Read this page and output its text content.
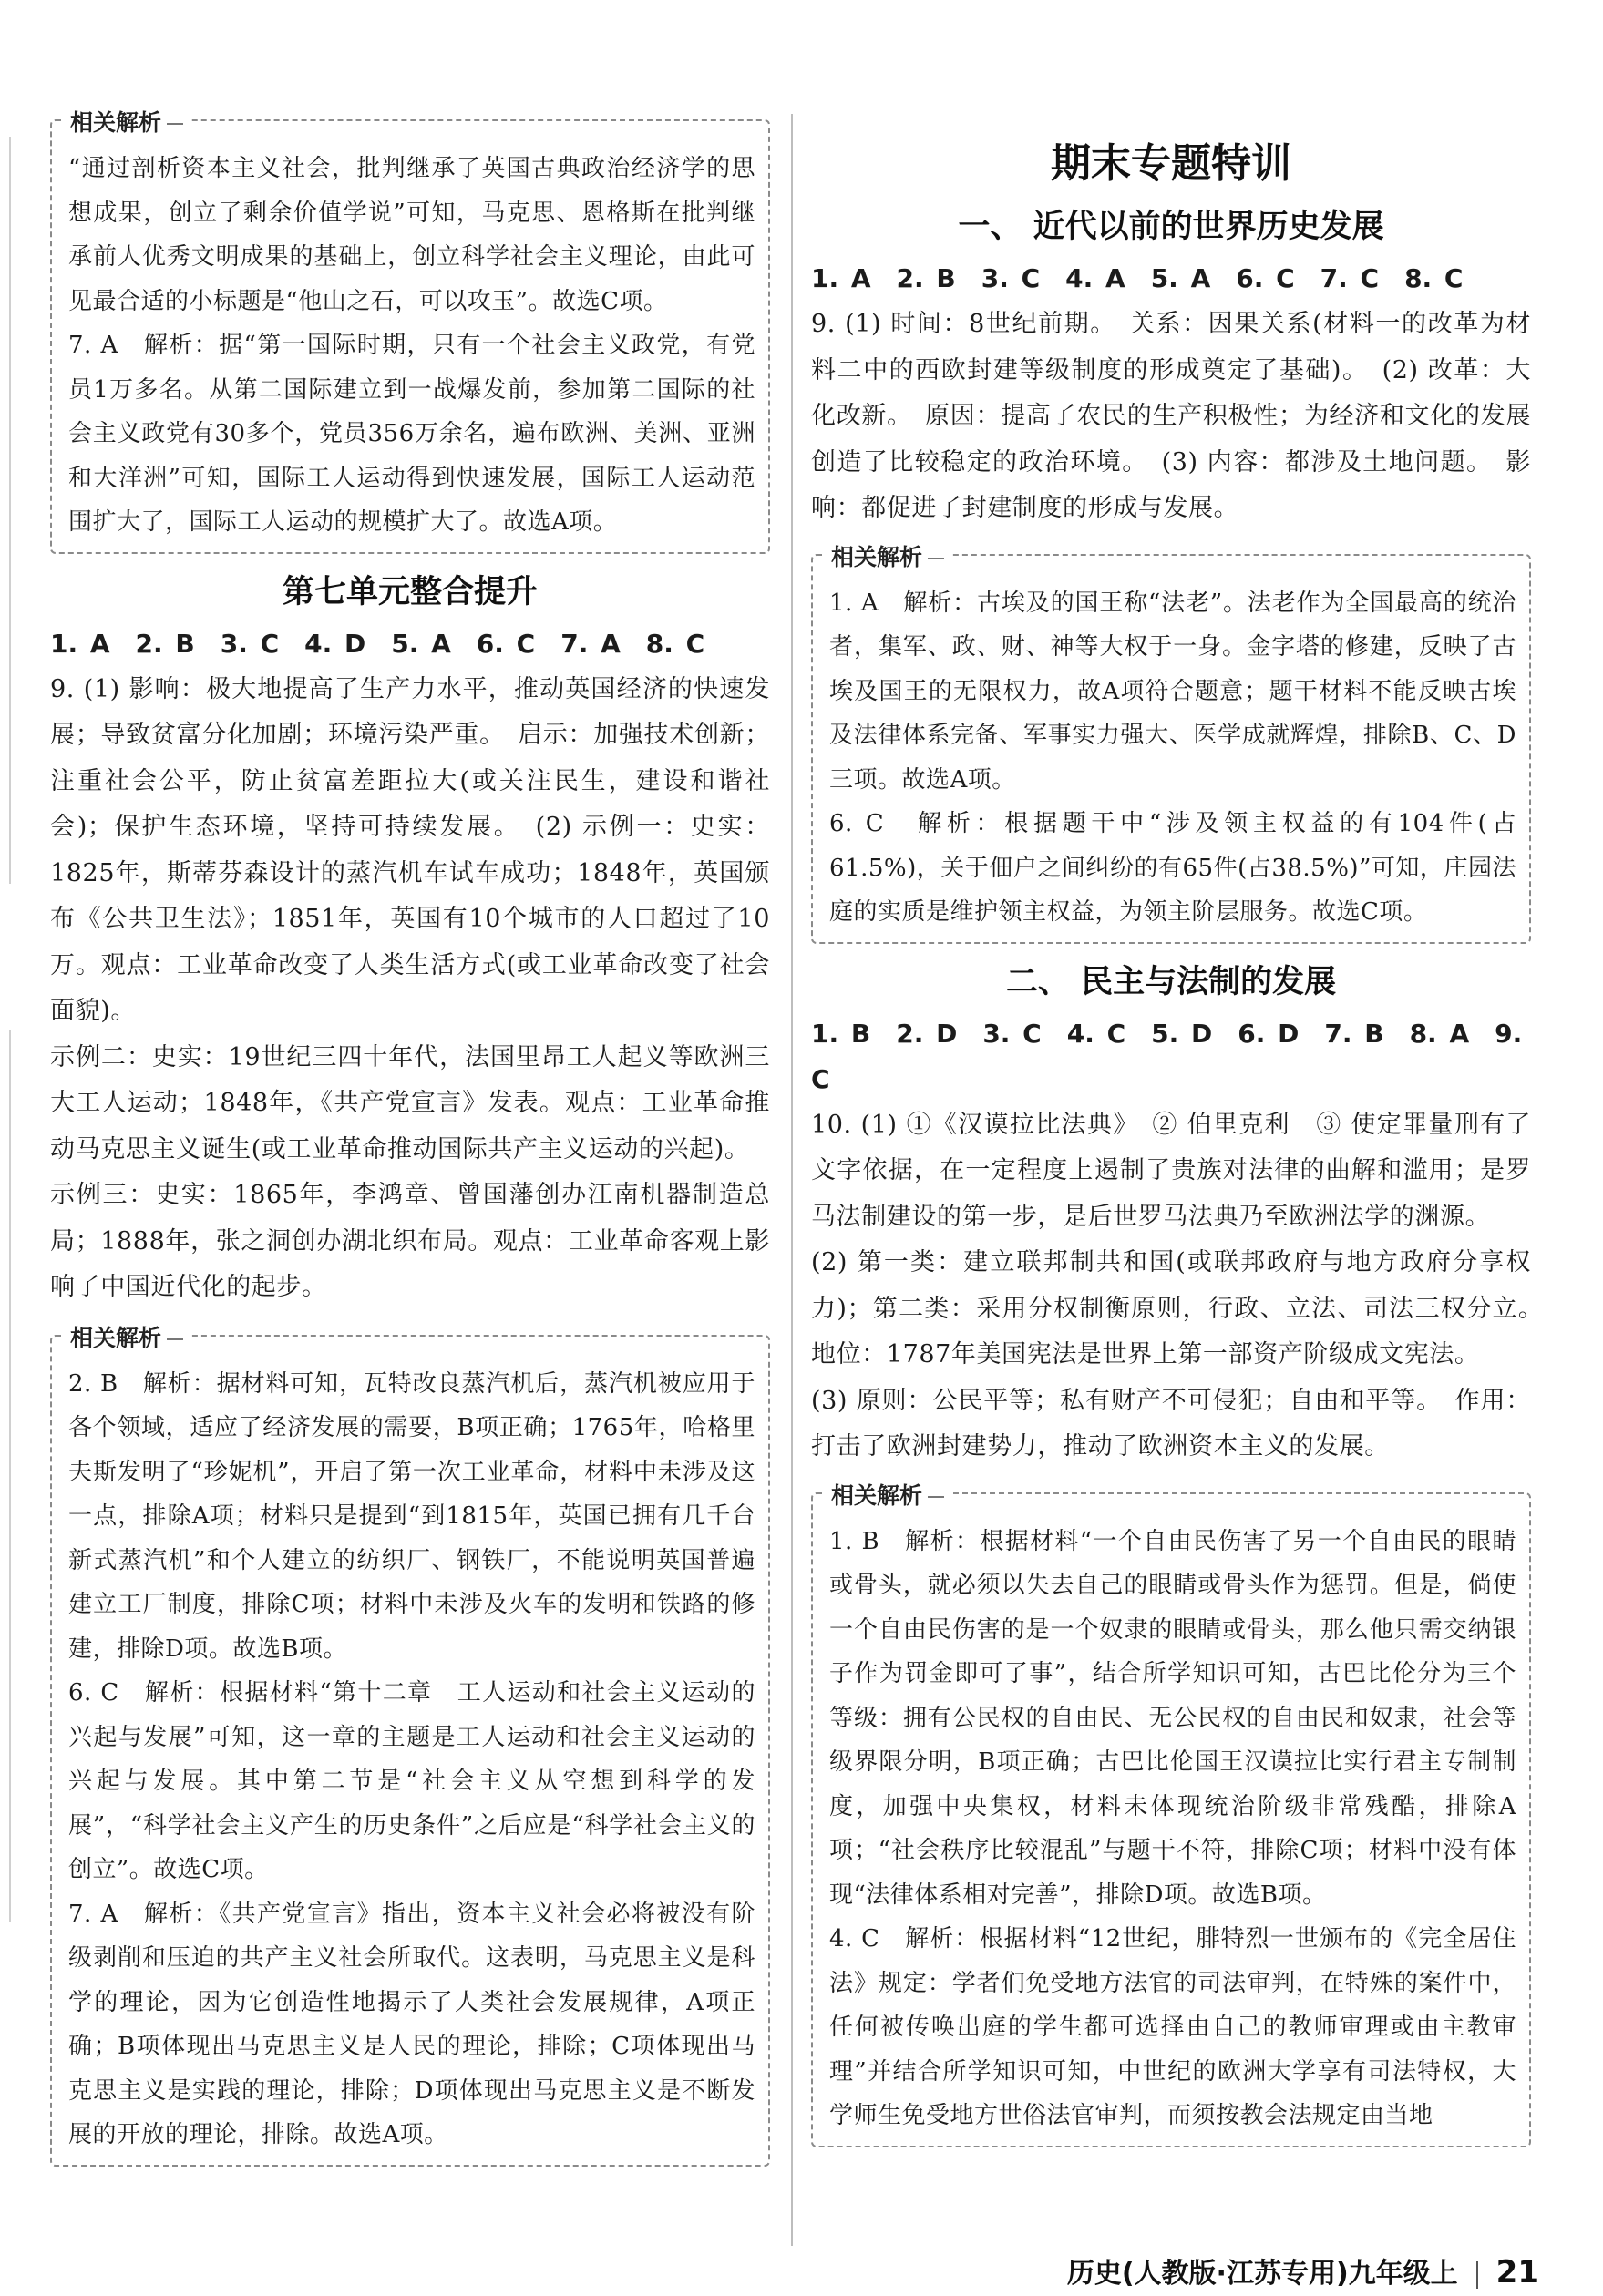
相关解析

“通过剖析资本主义社会，批判继承了英国古典政治经济学的思想成果，创立了剩余价值学说”可知，马克思、恩格斯在批判继承前人优秀文明成果的基础上，创立科学社会主义理论，由此可见最合适的小标题是“他山之石，可以攻玉”。故选C项。

7. A　解析：据“第一国际时期，只有一个社会主义政党，有党员1万多名。从第二国际建立到一战爆发前，参加第二国际的社会主义政党有30多个，党员356万余名，遍布欧洲、美洲、亚洲和大洋洲”可知，国际工人运动得到快速发展，国际工人运动范围扩大了，国际工人运动的规模扩大了。故选A项。

第七单元整合提升

1. A　2. B　3. C　4. D　5. A　6. C　7. A　8. C

9. (1) 影响：极大地提高了生产力水平，推动英国经济的快速发展；导致贫富分化加剧；环境污染严重。　启示：加强技术创新；注重社会公平，防止贫富差距拉大(或关注民生，建设和谐社会)；保护生态环境，坚持可持续发展。　(2) 示例一：史实：1825年，斯蒂芬森设计的蒸汽机车试车成功；1848年，英国颁布《公共卫生法》；1851年，英国有10个城市的人口超过了10万。观点：工业革命改变了人类生活方式(或工业革命改变了社会面貌)。

示例二：史实：19世纪三四十年代，法国里昂工人起义等欧洲三大工人运动；1848年，《共产党宣言》发表。观点：工业革命推动马克思主义诞生(或工业革命推动国际共产主义运动的兴起)。

示例三：史实：1865年，李鸿章、曾国藩创办江南机器制造总局；1888年，张之洞创办湖北织布局。观点：工业革命客观上影响了中国近代化的起步。

相关解析

2. B　解析：据材料可知，瓦特改良蒸汽机后，蒸汽机被应用于各个领域，适应了经济发展的需要，B项正确；1765年，哈格里夫斯发明了“珍妮机”，开启了第一次工业革命，材料中未涉及这一点，排除A项；材料只是提到“到1815年，英国已拥有几千台新式蒸汽机”和个人建立的纺织厂、钢铁厂，不能说明英国普遍建立工厂制度，排除C项；材料中未涉及火车的发明和铁路的修建，排除D项。故选B项。

6. C　解析：根据材料“第十二章　工人运动和社会主义运动的兴起与发展”可知，这一章的主题是工人运动和社会主义运动的兴起与发展。其中第二节是“社会主义从空想到科学的发展”，“科学社会主义产生的历史条件”之后应是“科学社会主义的创立”。故选C项。

7. A　解析：《共产党宣言》指出，资本主义社会必将被没有阶级剥削和压迫的共产主义社会所取代。这表明，马克思主义是科学的理论，因为它创造性地揭示了人类社会发展规律，A项正确；B项体现出马克思主义是人民的理论，排除；C项体现出马克思主义是实践的理论，排除；D项体现出马克思主义是不断发展的开放的理论，排除。故选A项。

期末专题特训
一、 近代以前的世界历史发展

1. A　2. B　3. C　4. A　5. A　6. C　7. C　8. C

9. (1) 时间：8世纪前期。　关系：因果关系(材料一的改革为材料二中的西欧封建等级制度的形成奠定了基础)。　(2) 改革：大化改新。　原因：提高了农民的生产积极性；为经济和文化的发展创造了比较稳定的政治环境。　(3) 内容：都涉及土地问题。　影响：都促进了封建制度的形成与发展。

相关解析

1. A　解析：古埃及的国王称“法老”。法老作为全国最高的统治者，集军、政、财、神等大权于一身。金字塔的修建，反映了古埃及国王的无限权力，故A项符合题意；题干材料不能反映古埃及法律体系完备、军事实力强大、医学成就辉煌，排除B、C、D三项。故选A项。

6. C　解析：根据题干中“涉及领主权益的有104件(占61.5%)，关于佃户之间纠纷的有65件(占38.5%)”可知，庄园法庭的实质是维护领主权益，为领主阶层服务。故选C项。

二、 民主与法制的发展

1. B　2. D　3. C　4. C　5. D　6. D　7. B　8. A　9. C

10. (1) ①《汉谟拉比法典》　② 伯里克利　③ 使定罪量刑有了文字依据，在一定程度上遏制了贵族对法律的曲解和滥用；是罗马法制建设的第一步，是后世罗马法典乃至欧洲法学的渊源。

(2) 第一类：建立联邦制共和国(或联邦政府与地方政府分享权力)；第二类：采用分权制衡原则，行政、立法、司法三权分立。　地位：1787年美国宪法是世界上第一部资产阶级成文宪法。

(3) 原则：公民平等；私有财产不可侵犯；自由和平等。　作用：打击了欧洲封建势力，推动了欧洲资本主义的发展。

相关解析

1. B　解析：根据材料“一个自由民伤害了另一个自由民的眼睛或骨头，就必须以失去自己的眼睛或骨头作为惩罚。但是，倘使一个自由民伤害的是一个奴隶的眼睛或骨头，那么他只需交纳银子作为罚金即可了事”，结合所学知识可知，古巴比伦分为三个等级：拥有公民权的自由民、无公民权的自由民和奴隶，社会等级界限分明，B项正确；古巴比伦国王汉谟拉比实行君主专制制度，加强中央集权，材料未体现统治阶级非常残酷，排除A项；“社会秩序比较混乱”与题干不符，排除C项；材料中没有体现“法律体系相对完善”，排除D项。故选B项。

4. C　解析：根据材料“12世纪，腓特烈一世颁布的《完全居住法》规定：学者们免受地方法官的司法审判，在特殊的案件中，任何被传唤出庭的学生都可选择由自己的教师审理或由主教审理”并结合所学知识可知，中世纪的欧洲大学享有司法特权，大学师生免受地方世俗法官审判，而须按教会法规定由当地

历史(人教版·江苏专用)九年级上 21
